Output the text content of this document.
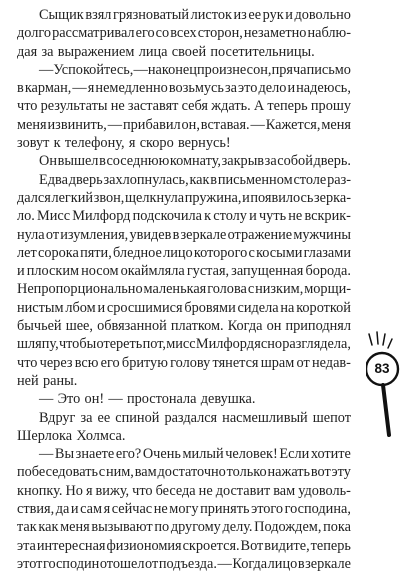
Сыщик взял грязноватый листок из ее рук и довольно
долго рассматривал его со всех сторон, незаметно наблю-
дая за выражением лица своей посетительницы.
— Успокойтесь, — наконец произнес он, пряча письмо
в карман, — я немедленно возьмусь за это дело и надеюсь,
что результаты не заставят себя ждать. А теперь прошу
меня извинить, — прибавил он, вставая. — Кажется, меня
зовут к телефону, я скоро вернусь!
Он вышел в соседнюю комнату, закрыв за собой дверь.
Едва дверь захлопнулась, как в письменном столе раз-
дался легкий звон, щелкнула пружина, и появилось зерка-
ло. Мисс Милфорд подскочила к столу и чуть не вскрик-
нула от изумления, увидев в зеркале отражение мужчины
лет сорока пяти, бледное лицо которого с косыми глазами
и плоским носом окаймляла густая, запущенная борода.
Непропорционально маленькая голова с низким, морщи-
нистым лбом и сросшимися бровями сидела на короткой
бычьей шее, обвязанной платком. Когда он приподнял
шляпу, чтобы отереть пот, мисс Милфорд ясно разглядела,
что через всю его бритую голову тянется шрам от недав-
ней раны.
— Это он! — простонала девушка.
Вдруг за ее спиной раздался насмешливый шепот
Шерлока Холмса.
— Вы знаете его? Очень милый человек! Если хотите
побеседовать с ним, вам достаточно только нажать вот эту
кнопку. Но я вижу, что беседа не доставит вам удоволь-
ствия, да и сам я сейчас не могу принять этого господина,
так как меня вызывают по другому делу. Подождем, пока
эта интересная физиономия скроется. Вот видите, теперь
этот господин отошел от подъезда. — Когда лицо в зеркале
83
